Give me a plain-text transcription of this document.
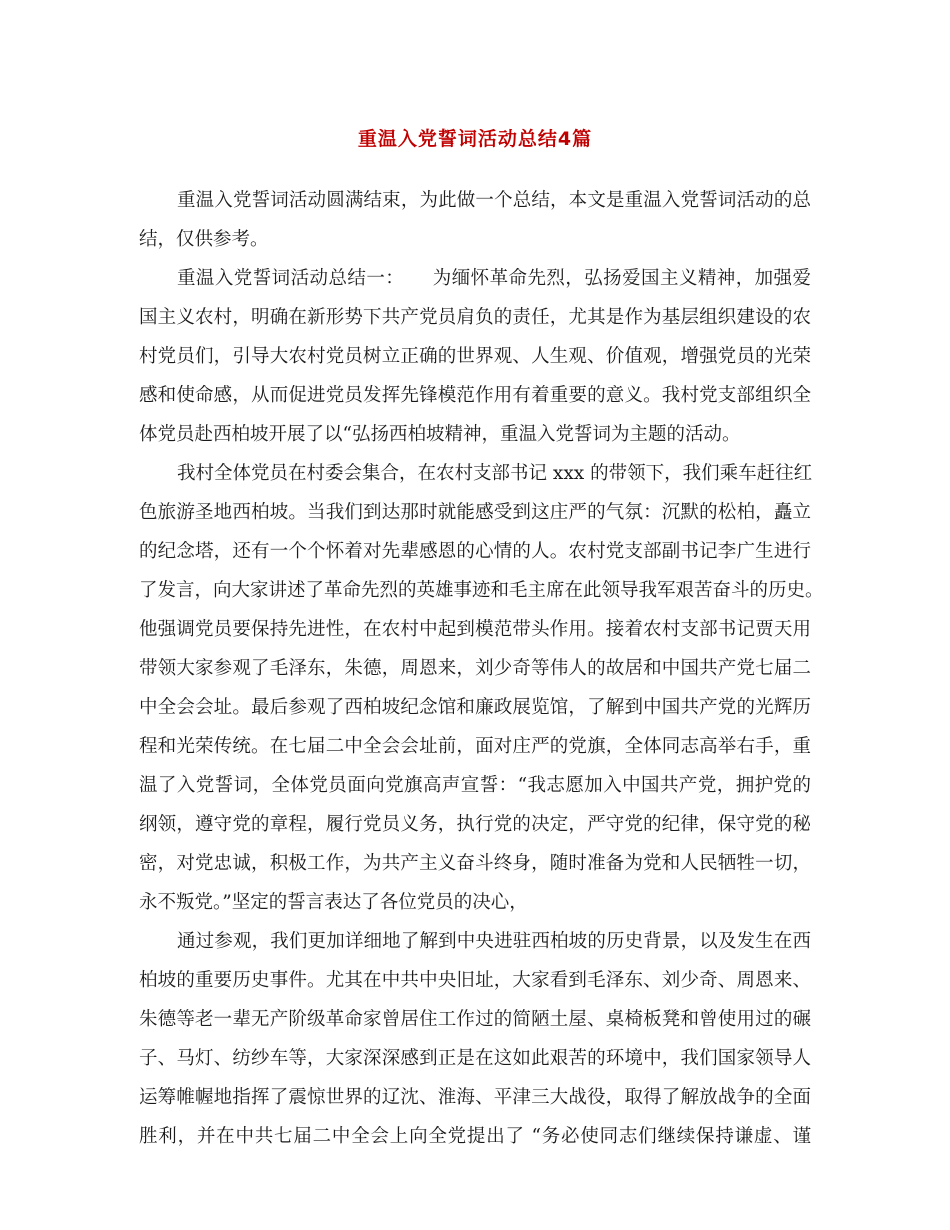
重温入党誓词活动总结4篇
重温入党誓词活动圆满结束，为此做一个总结，本文是重温入党誓词活动的总
结，仅供参考。
重温入党誓词活动总结一：　　为缅怀革命先烈，弘扬爱国主义精神，加强爱
国主义农村，明确在新形势下共产党员肩负的责任，尤其是作为基层组织建设的农
村党员们，引导大农村党员树立正确的世界观、人生观、价值观，增强党员的光荣
感和使命感，从而促进党员发挥先锋模范作用有着重要的意义。我村党支部组织全
体党员赴西柏坡开展了以“弘扬西柏坡精神，重温入党誓词为主题的活动。
我村全体党员在村委会集合，在农村支部书记 xxx 的带领下，我们乘车赶往红
色旅游圣地西柏坡。当我们到达那时就能感受到这庄严的气氛：沉默的松柏，矗立
的纪念塔，还有一个个怀着对先辈感恩的心情的人。农村党支部副书记李广生进行
了发言，向大家讲述了革命先烈的英雄事迹和毛主席在此领导我军艰苦奋斗的历史。
他强调党员要保持先进性，在农村中起到模范带头作用。接着农村支部书记贾天用
带领大家参观了毛泽东，朱德，周恩来，刘少奇等伟人的故居和中国共产党七届二
中全会会址。最后参观了西柏坡纪念馆和廉政展览馆，了解到中国共产党的光辉历
程和光荣传统。在七届二中全会会址前，面对庄严的党旗，全体同志高举右手，重
温了入党誓词，全体党员面向党旗高声宣誓：“我志愿加入中国共产党，拥护党的
纲领，遵守党的章程，履行党员义务，执行党的决定，严守党的纪律，保守党的秘
密，对党忠诚，积极工作，为共产主义奋斗终身，随时准备为党和人民牺牲一切，
永不叛党。”坚定的誓言表达了各位党员的决心，
通过参观，我们更加详细地了解到中央进驻西柏坡的历史背景，以及发生在西
柏坡的重要历史事件。尤其在中共中央旧址，大家看到毛泽东、刘少奇、周恩来、
朱德等老一辈无产阶级革命家曾居住工作过的简陋土屋、桌椅板凳和曾使用过的碾
子、马灯、纺纱车等，大家深深感到正是在这如此艰苦的环境中，我们国家领导人
运筹帷幄地指挥了震惊世界的辽沈、淮海、平津三大战役，取得了解放战争的全面
胜利，并在中共七届二中全会上向全党提出了 “务必使同志们继续保持谦虚、谨
